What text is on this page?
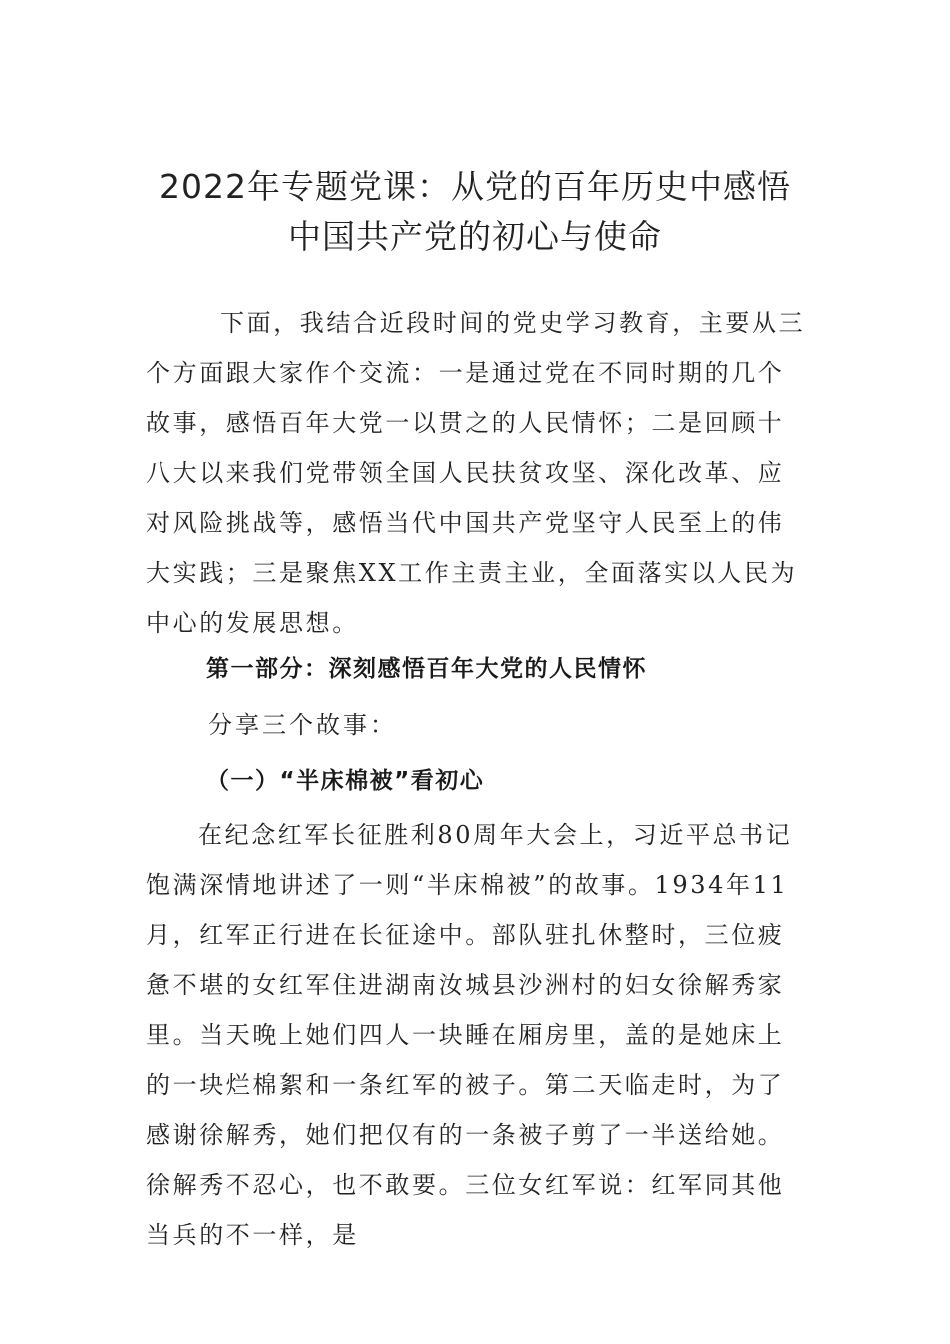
2022年专题党课：从党的百年历史中感悟
中国共产党的初心与使命

下面，我结合近段时间的党史学习教育，主要从三个方面跟大家作个交流：一是通过党在不同时期的几个故事，感悟百年大党一以贯之的人民情怀；二是回顾十八大以来我们党带领全国人民扶贫攻坚、深化改革、应对风险挑战等，感悟当代中国共产党坚守人民至上的伟大实践；三是聚焦XX工作主责主业，全面落实以人民为中心的发展思想。

第一部分：深刻感悟百年大党的人民情怀
分享三个故事：
（一）“半床棉被”看初心

在纪念红军长征胜利80周年大会上，习近平总书记饱满深情地讲述了一则“半床棉被”的故事。1934年11月，红军正行进在长征途中。部队驻扎休整时，三位疲惫不堪的女红军住进湖南汝城县沙洲村的妇女徐解秀家里。当天晚上她们四人一块睡在厢房里，盖的是她床上的一块烂棉絮和一条红军的被子。第二天临走时，为了感谢徐解秀，她们把仅有的一条被子剪了一半送给她。徐解秀不忍心，也不敢要。三位女红军说：红军同其他当兵的不一样，是
